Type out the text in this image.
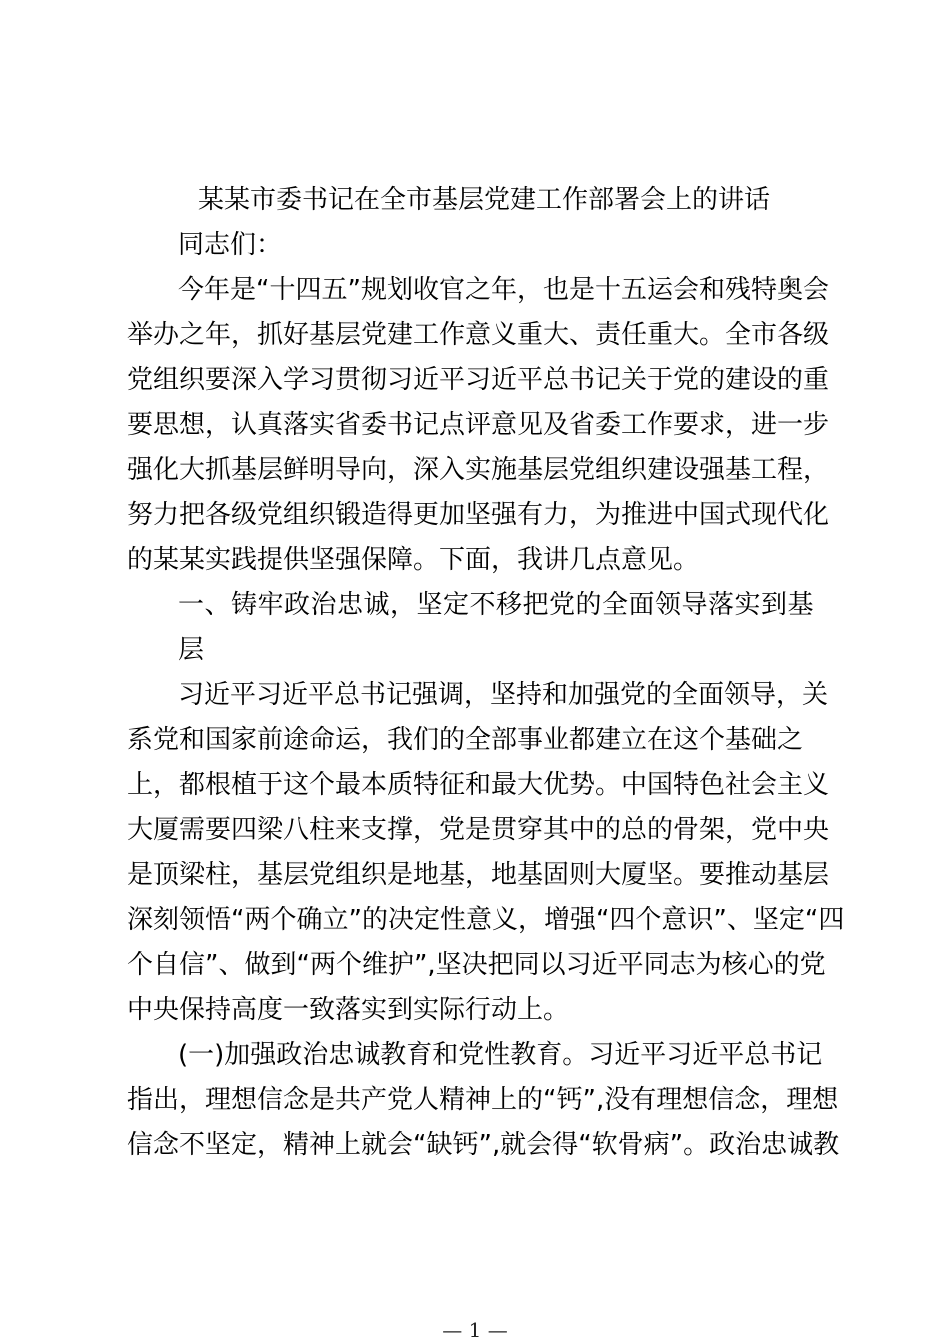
某某市委书记在全市基层党建工作部署会上的讲话
同志们：
今年是“十四五”规划收官之年，也是十五运会和残特奥会
举办之年，抓好基层党建工作意义重大、责任重大。全市各级
党组织要深入学习贯彻习近平习近平总书记关于党的建设的重
要思想，认真落实省委书记点评意见及省委工作要求，进一步
强化大抓基层鲜明导向，深入实施基层党组织建设强基工程，
努力把各级党组织锻造得更加坚强有力，为推进中国式现代化
的某某实践提供坚强保障。下面，我讲几点意见。
一、铸牢政治忠诚，坚定不移把党的全面领导落实到基
层
习近平习近平总书记强调，坚持和加强党的全面领导，关
系党和国家前途命运，我们的全部事业都建立在这个基础之
上，都根植于这个最本质特征和最大优势。中国特色社会主义
大厦需要四梁八柱来支撑，党是贯穿其中的总的骨架，党中央
是顶梁柱，基层党组织是地基，地基固则大厦坚。要推动基层
深刻领悟“两个确立”的决定性意义，增强“四个意识”、坚定“四
个自信”、做到“两个维护”,坚决把同以习近平同志为核心的党
中央保持高度一致落实到实际行动上。
(一)加强政治忠诚教育和党性教育。习近平习近平总书记
指出，理想信念是共产党人精神上的“钙”,没有理想信念，理想
信念不坚定，精神上就会“缺钙”,就会得“软骨病”。政治忠诚教
— 1 —
